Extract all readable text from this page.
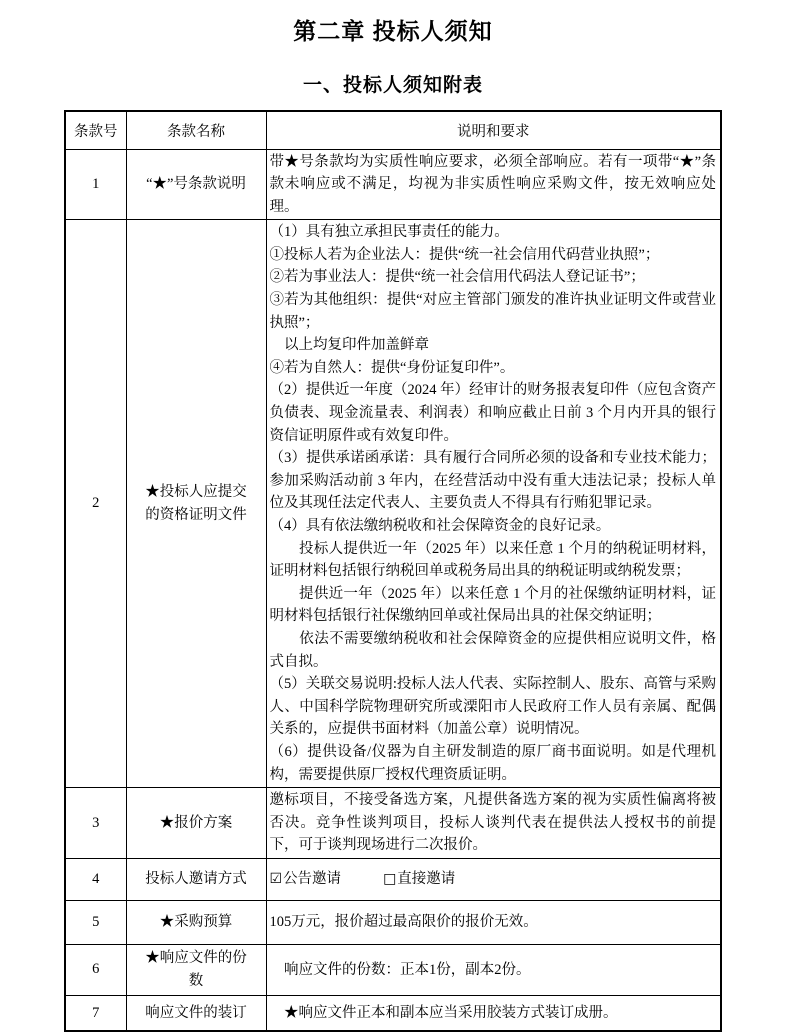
第二章 投标人须知
一、投标人须知附表
条款号	条款名称	说明和要求
1	“★”号条款说明	带★号条款均为实质性响应要求，必须全部响应。若有一项带“★”条款未响应或不满足，均视为非实质性响应采购文件，按无效响应处理。

2	★投标人应提交的资格证明文件	
（1）具有独立承担民事责任的能力。
①投标人若为企业法人：提供“统一社会信用代码营业执照”；
②若为事业法人：提供“统一社会信用代码法人登记证书”；
③若为其他组织：提供“对应主管部门颁发的准许执业证明文件或营业执照”；
　以上均复印件加盖鲜章
④若为自然人：提供“身份证复印件”。
（2）提供近一年度（2024 年）经审计的财务报表复印件（应包含资产负债表、现金流量表、利润表）和响应截止日前 3 个月内开具的银行资信证明原件或有效复印件。
（3）提供承诺函承诺：具有履行合同所必须的设备和专业技术能力；参加采购活动前 3 年内，在经营活动中没有重大违法记录；投标人单位及其现任法定代表人、主要负责人不得具有行贿犯罪记录。
（4）具有依法缴纳税收和社会保障资金的良好记录。
　　投标人提供近一年（2025 年）以来任意 1 个月的纳税证明材料，证明材料包括银行纳税回单或税务局出具的纳税证明或纳税发票；
　　提供近一年（2025 年）以来任意 1 个月的社保缴纳证明材料，证明材料包括银行社保缴纳回单或社保局出具的社保交纳证明；
　　依法不需要缴纳税收和社会保障资金的应提供相应说明文件，格式自拟。
（5）关联交易说明:投标人法人代表、实际控制人、股东、高管与采购人、中国科学院物理研究所或溧阳市人民政府工作人员有亲属、配偶关系的，应提供书面材料（加盖公章）说明情况。
（6）提供设备/仪器为自主研发制造的原厂商书面说明。如是代理机构，需要提供原厂授权代理资质证明。

3	★报价方案	邀标项目，不接受备选方案，凡提供备选方案的视为实质性偏离将被否决。竞争性谈判项目，投标人谈判代表在提供法人授权书的前提下，可于谈判现场进行二次报价。

4	投标人邀请方式	☑公告邀请 □直接邀请
5	★采购预算	105万元，报价超过最高限价的报价无效。

6	★响应文件的份数	　响应文件的份数：正本1份，副本2份。

7	响应文件的装订	　★响应文件正本和副本应当采用胶装方式装订成册。
